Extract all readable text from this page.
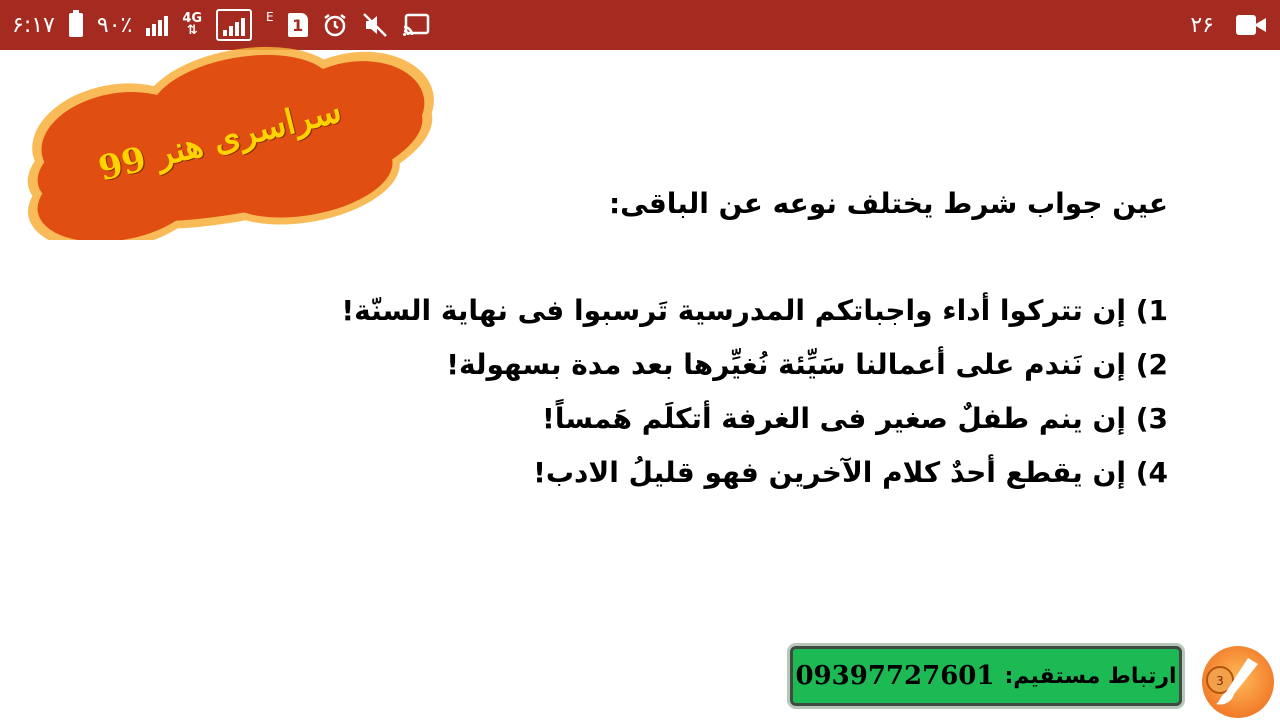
۶:۱۷ ۹۰٪	4G
⇅
E 1	۲۶
سراسری هنر 99
عين جواب شرط يختلف نوعه عن الباقى:
1) إن تتركوا أداء واجباتكم المدرسية تَرسبوا فى نهاية السنّة!
2) إن نَندم على أعمالنا سَيِّئة نُغيِّرها بعد مدة بسهولة!
3) إن ينم طفلٌ صغير فى الغرفة أتكلَم هَمساً!
4) إن يقطع أحدٌ كلام الآخرين فهو قليلُ الادب!
ارتباط مستقیم:
09397727601	3
